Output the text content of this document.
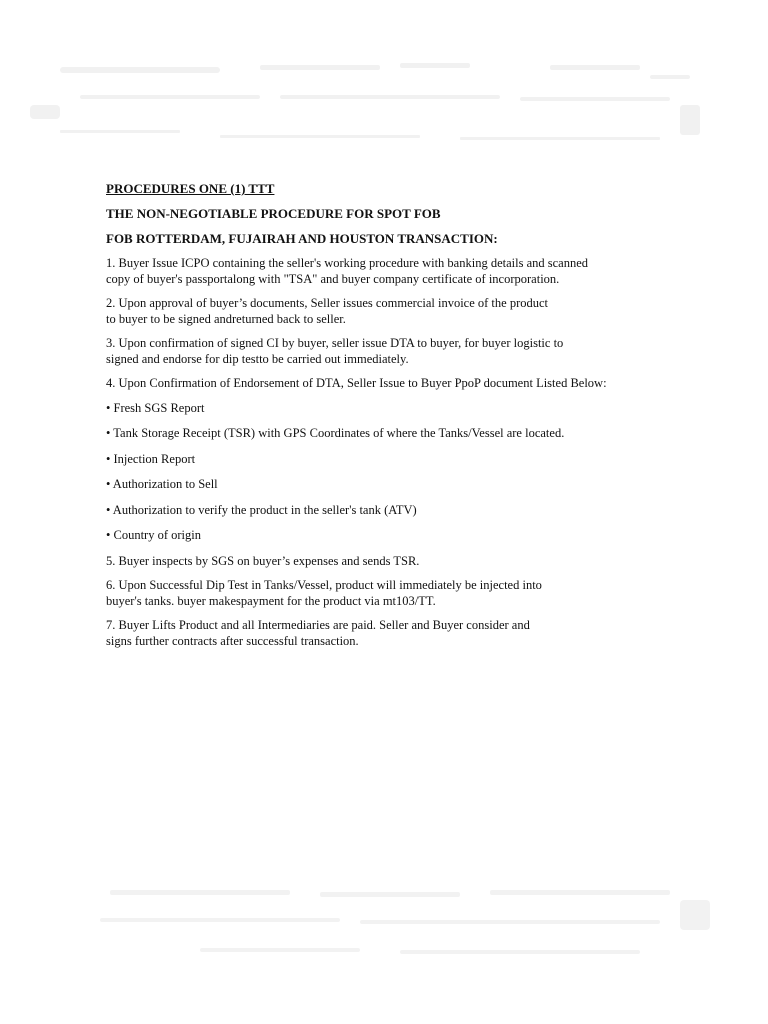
PROCEDURES ONE (1) TTT
THE NON-NEGOTIABLE PROCEDURE FOR SPOT FOB
FOB ROTTERDAM, FUJAIRAH AND HOUSTON TRANSACTION:
1. Buyer Issue ICPO containing the seller's working procedure with banking details and scanned
copy of buyer's passportalong with "TSA" and buyer company certificate of incorporation.
2. Upon approval of buyer’s documents, Seller issues commercial invoice of the product
to buyer to be signed andreturned back to seller.
3. Upon confirmation of signed CI by buyer, seller issue DTA to buyer, for buyer logistic to
signed and endorse for dip testto be carried out immediately.
4. Upon Confirmation of Endorsement of DTA, Seller Issue to Buyer PpoP document Listed Below:
• Fresh SGS Report
• Tank Storage Receipt (TSR) with GPS Coordinates of where the Tanks/Vessel are located.
• Injection Report
• Authorization to Sell
• Authorization to verify the product in the seller's tank (ATV)
• Country of origin
5. Buyer inspects by SGS on buyer’s expenses and sends TSR.
6. Upon Successful Dip Test in Tanks/Vessel, product will immediately be injected into
buyer's tanks. buyer makespayment for the product via mt103/TT.
7. Buyer Lifts Product and all Intermediaries are paid. Seller and Buyer consider and
signs further contracts after successful transaction.
